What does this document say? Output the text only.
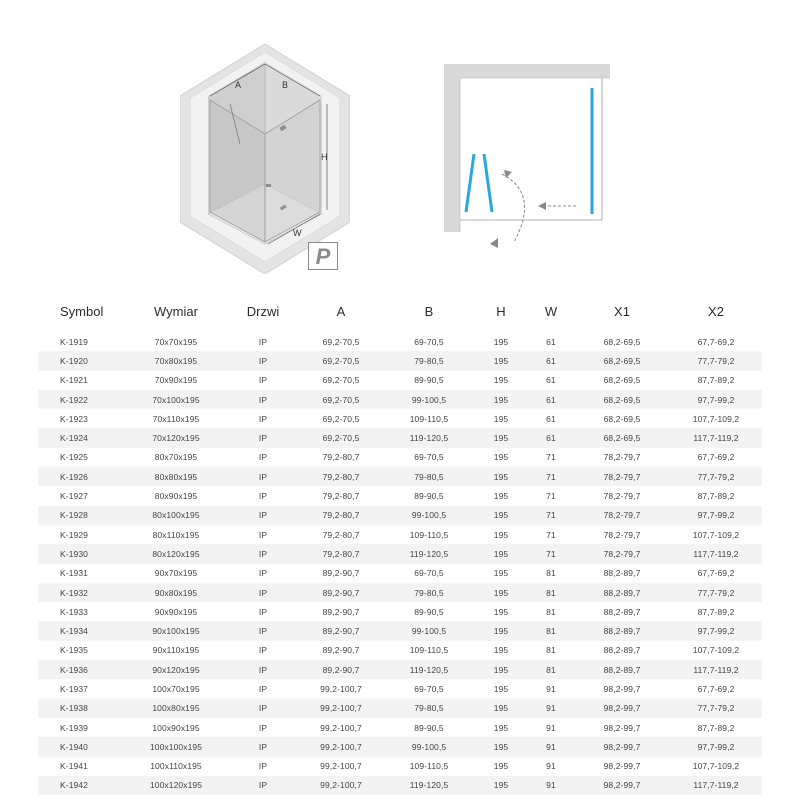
A	B
H
W
P
Symbol	Wymiar	Drzwi	A	B	H	W	X1	X2

K-1919	70x70x195	IP	69,2-70,5	69-70,5	195	61	68,2-69,5	67,7-69,2
K-1920	70x80x195	IP	69,2-70,5	79-80,5	195	61	68,2-69,5	77,7-79,2
K-1921	70x90x195	IP	69,2-70,5	89-90,5	195	61	68,2-69,5	87,7-89,2
K-1922	70x100x195	IP	69,2-70,5	99-100,5	195	61	68,2-69,5	97,7-99,2
K-1923	70x110x195	IP	69,2-70,5	109-110,5	195	61	68,2-69,5	107,7-109,2
K-1924	70x120x195	IP	69,2-70,5	119-120,5	195	61	68,2-69,5	117,7-119,2
K-1925	80x70x195	IP	79,2-80,7	69-70,5	195	71	78,2-79,7	67,7-69,2
K-1926	80x80x195	IP	79,2-80,7	79-80,5	195	71	78,2-79,7	77,7-79,2
K-1927	80x90x195	IP	79,2-80,7	89-90,5	195	71	78,2-79,7	87,7-89,2
K-1928	80x100x195	IP	79,2-80,7	99-100,5	195	71	78,2-79,7	97,7-99,2
K-1929	80x110x195	IP	79,2-80,7	109-110,5	195	71	78,2-79,7	107,7-109,2
K-1930	80x120x195	IP	79,2-80,7	119-120,5	195	71	78,2-79,7	117,7-119,2
K-1931	90x70x195	IP	89,2-90,7	69-70,5	195	81	88,2-89,7	67,7-69,2
K-1932	90x80x195	IP	89,2-90,7	79-80,5	195	81	88,2-89,7	77,7-79,2
K-1933	90x90x195	IP	89,2-90,7	89-90,5	195	81	88,2-89,7	87,7-89,2
K-1934	90x100x195	IP	89,2-90,7	99-100,5	195	81	88,2-89,7	97,7-99,2
K-1935	90x110x195	IP	89,2-90,7	109-110,5	195	81	88,2-89,7	107,7-109,2
K-1936	90x120x195	IP	89,2-90,7	119-120,5	195	81	88,2-89,7	117,7-119,2
K-1937	100x70x195	IP	99,2-100,7	69-70,5	195	91	98,2-99,7	67,7-69,2
K-1938	100x80x195	IP	99,2-100,7	79-80,5	195	91	98,2-99,7	77,7-79,2
K-1939	100x90x195	IP	99,2-100,7	89-90,5	195	91	98,2-99,7	87,7-89,2
K-1940	100x100x195	IP	99,2-100,7	99-100,5	195	91	98,2-99,7	97,7-99,2
K-1941	100x110x195	IP	99,2-100,7	109-110,5	195	91	98,2-99,7	107,7-109,2
K-1942	100x120x195	IP	99,2-100,7	119-120,5	195	91	98,2-99,7	117,7-119,2
